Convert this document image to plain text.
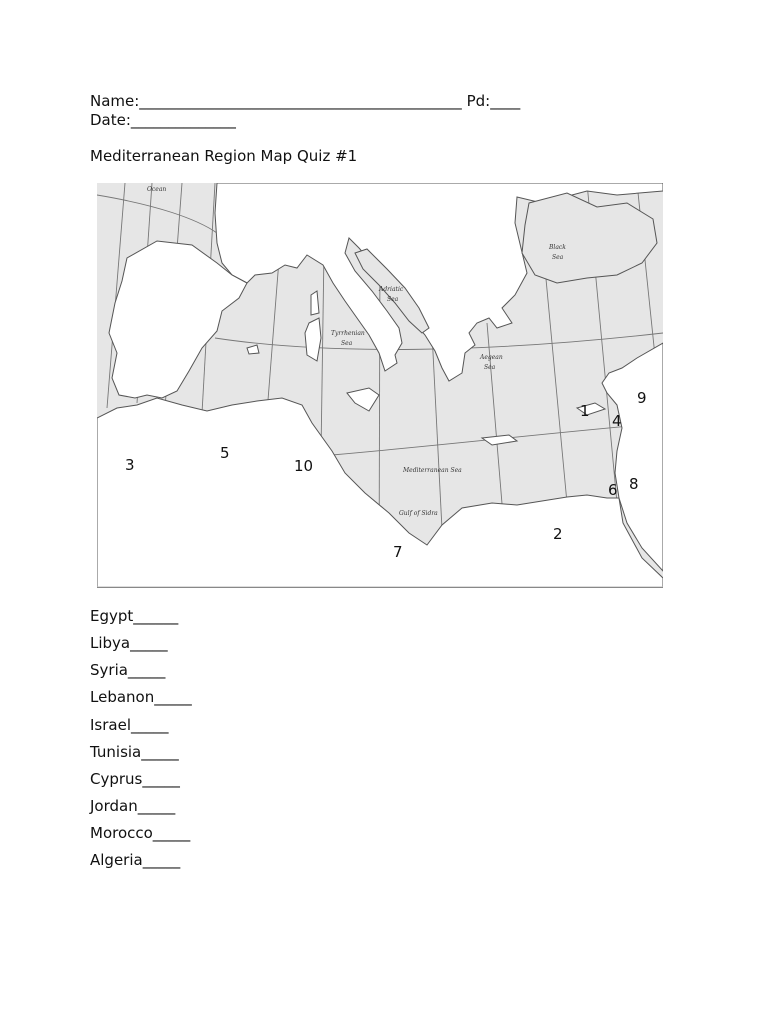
Name:___________________________________________ Pd:____
Date:______________
Mediterranean Region Map Quiz #1
Ocean
Black
Sea
Adriatic
Sea
Tyrrhenian
Sea
Aegean
Sea
Mediterranean Sea
Gulf of Sidra
1
2
3
4
5
6
7
8
9
10
Egypt______
Libya_____
Syria_____
Lebanon_____
Israel_____
Tunisia_____
Cyprus_____
Jordan_____
Morocco_____
Algeria_____
